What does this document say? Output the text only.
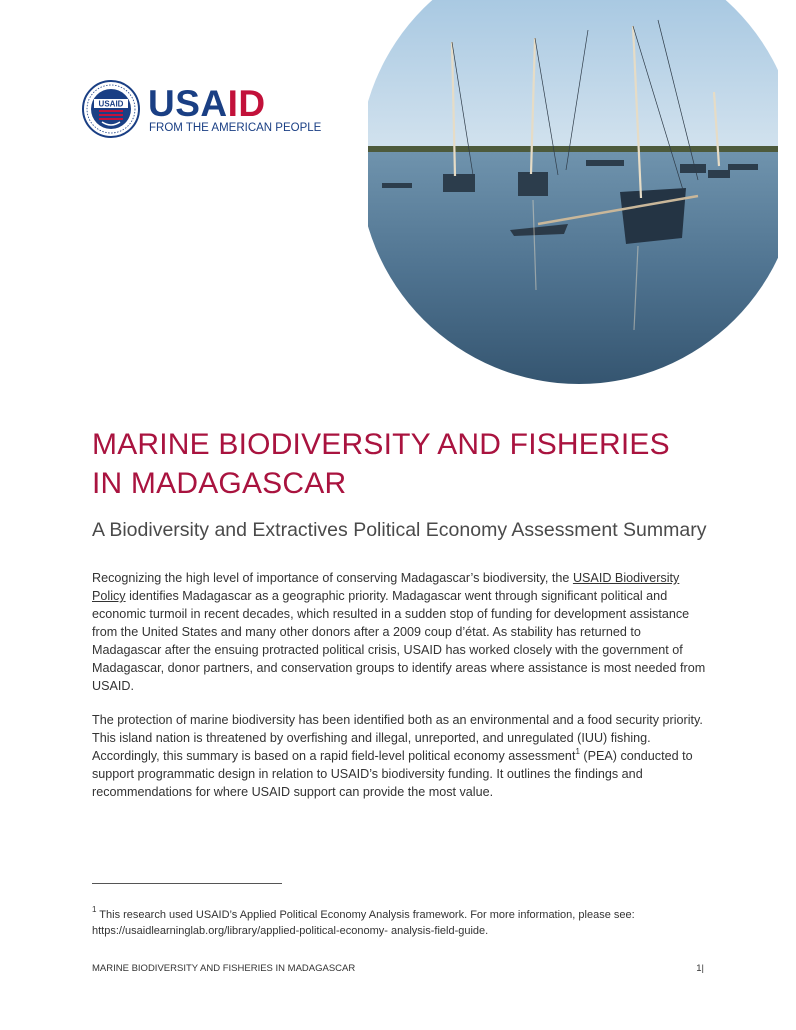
USAID USAID
FROM THE AMERICAN PEOPLE
MARINE BIODIVERSITY AND FISHERIES
IN MADAGASCAR
A Biodiversity and Extractives Political Economy Assessment Summary

Recognizing the high level of importance of conserving Madagascar’s biodiversity, the USAID Biodiversity Policy identifies Madagascar as a geographic priority. Madagascar went through significant political and economic turmoil in recent decades, which resulted in a sudden stop of funding for development assistance from the United States and many other donors after a 2009 coup d’état. As stability has returned to Madagascar after the ensuing protracted political crisis, USAID has worked closely with the government of Madagascar, donor partners, and conservation groups to identify areas where assistance is most needed from USAID.

The protection of marine biodiversity has been identified both as an environmental and a food security priority. This island nation is threatened by overfishing and illegal, unreported, and unregulated (IUU) fishing. Accordingly, this summary is based on a rapid field-level political economy assessment$^1$ (PEA) conducted to support programmatic design in relation to USAID’s biodiversity funding. It outlines the findings and recommendations for where USAID support can provide the most value.

$^1$ This research used USAID’s Applied Political Economy Analysis framework. For more information, please see: https://usaidlearninglab.org/library/applied-political-economy- analysis-field-guide.

MARINE BIODIVERSITY AND FISHERIES IN MADAGASCAR	1|
